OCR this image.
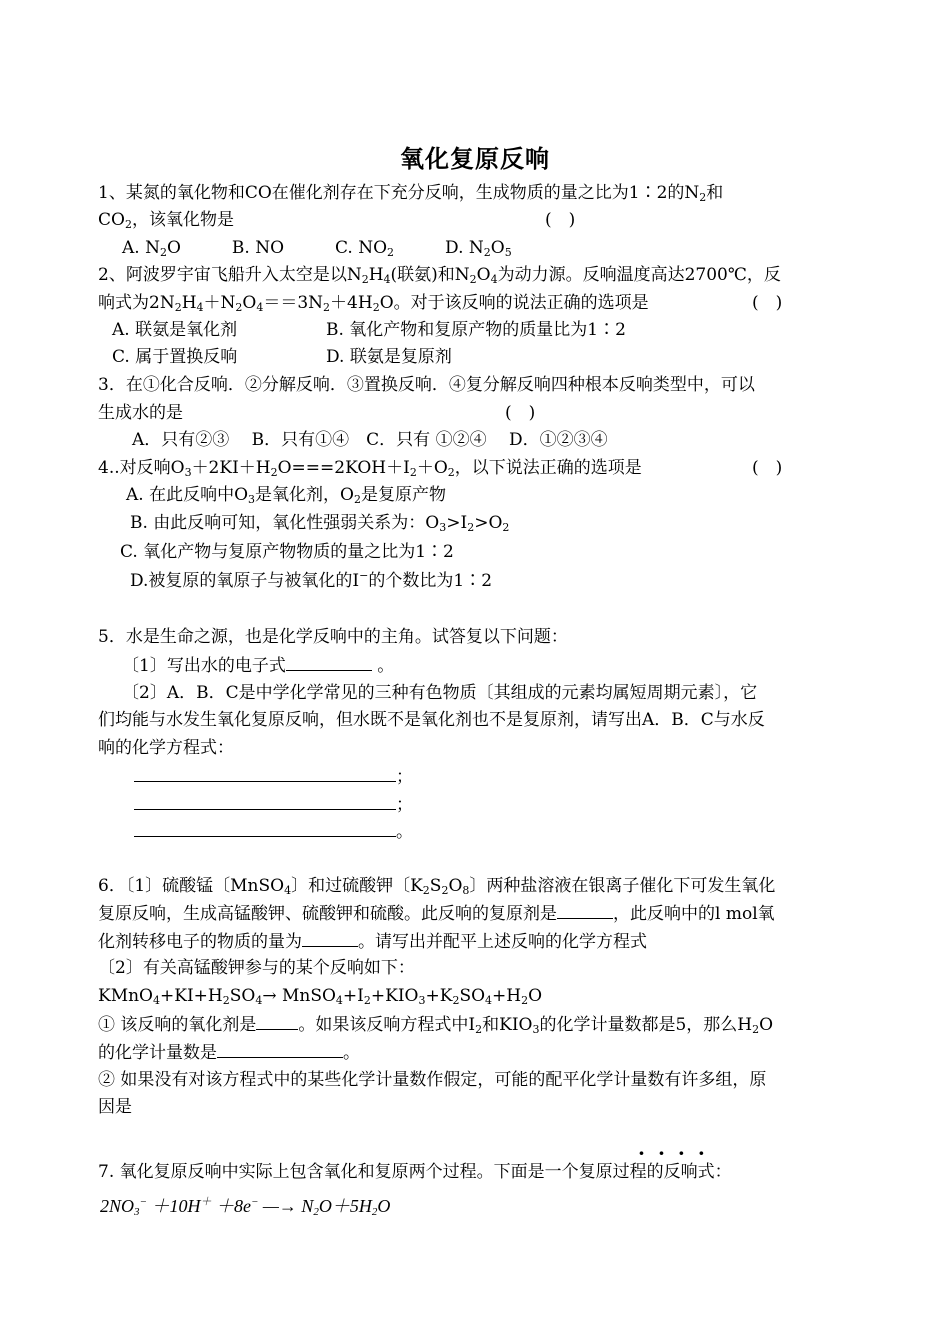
氧化复原反响
1、某氮的氧化物和CO在催化剂存在下充分反响，生成物质的量之比为1∶2的$N_2$和
$CO_2$，该氧化物是	(　)
A. $N_2O$　　　B. NO　　　C. $NO_2$　　　D. $N_2O_5$
2、阿波罗宇宙飞船升入太空是以$N_2H_4$(联氨)和$N_2O_4$为动力源。反响温度高达2700℃，反
响式为$2N_2H_4+N_2O_4==3N_2+4H_2O$。对于该反响的说法正确的选项是	(　)
A. 联氨是氧化剂	B. 氧化产物和复原产物的质量比为1∶2
C. 属于置换反响	D. 联氨是复原剂
3．在①化合反响．②分解反响．③置换反响．④复分解反响四种根本反响类型中，可以
生成水的是	(　)
A．只有②③　 B．只有①④　C．只有 ①②④　 D．①②③④
4..对反响$O_3+2KI+H_2O===2KOH+I_2+O_2$，以下说法正确的选项是	(　)
A. 在此反响中$O_3$是氧化剂，$O_2$是复原产物
B. 由此反响可知，氧化性强弱关系为：$O_3>I_2>O_2$
C. 氧化产物与复原产物物质的量之比为1∶2
D.被复原的氧原子与被氧化的I−的个数比为1∶2
5．水是生命之源，也是化学反响中的主角。试答复以下问题：
〔1〕写出水的电子式	。
〔2〕A．B．C是中学化学常见的三种有色物质〔其组成的元素均属短周期元素〕，它
们均能与水发生氧化复原反响，但水既不是氧化剂也不是复原剂，请写出A．B．C与水反
响的化学方程式：
；
；
。
6．〔1〕硫酸锰〔MnSO$_4$〕和过硫酸钾〔$K_2S_2O_8$〕两种盐溶液在银离子催化下可发生氧化
复原反响，生成高锰酸钾、硫酸钾和硫酸。此反响的复原剂是	，此反响中的l mol氧
化剂转移电子的物质的量为	。请写出并配平上述反响的化学方程式
〔2〕有关高锰酸钾参与的某个反响如下：
$KMnO_4+KI+H_2SO_4\to$ $MnSO_4+I_2+KIO_3+K_2SO_4+H_2O$
① 该反响的氧化剂是 。如果该反响方程式中$I_2$和$KIO_3$的化学计量数都是5，那么$H_2O$
的化学计量数是	。
② 如果没有对该方程式中的某些化学计量数作假定，可能的配平化学计量数有许多组，原
因是
····
7. 氧化复原反响中实际上包含氧化和复原两个过程。下面是一个复原过程的反响式：
$2NO_3^- +10H^+ +8e^-$ —→ $N_2O+5H_2O$
